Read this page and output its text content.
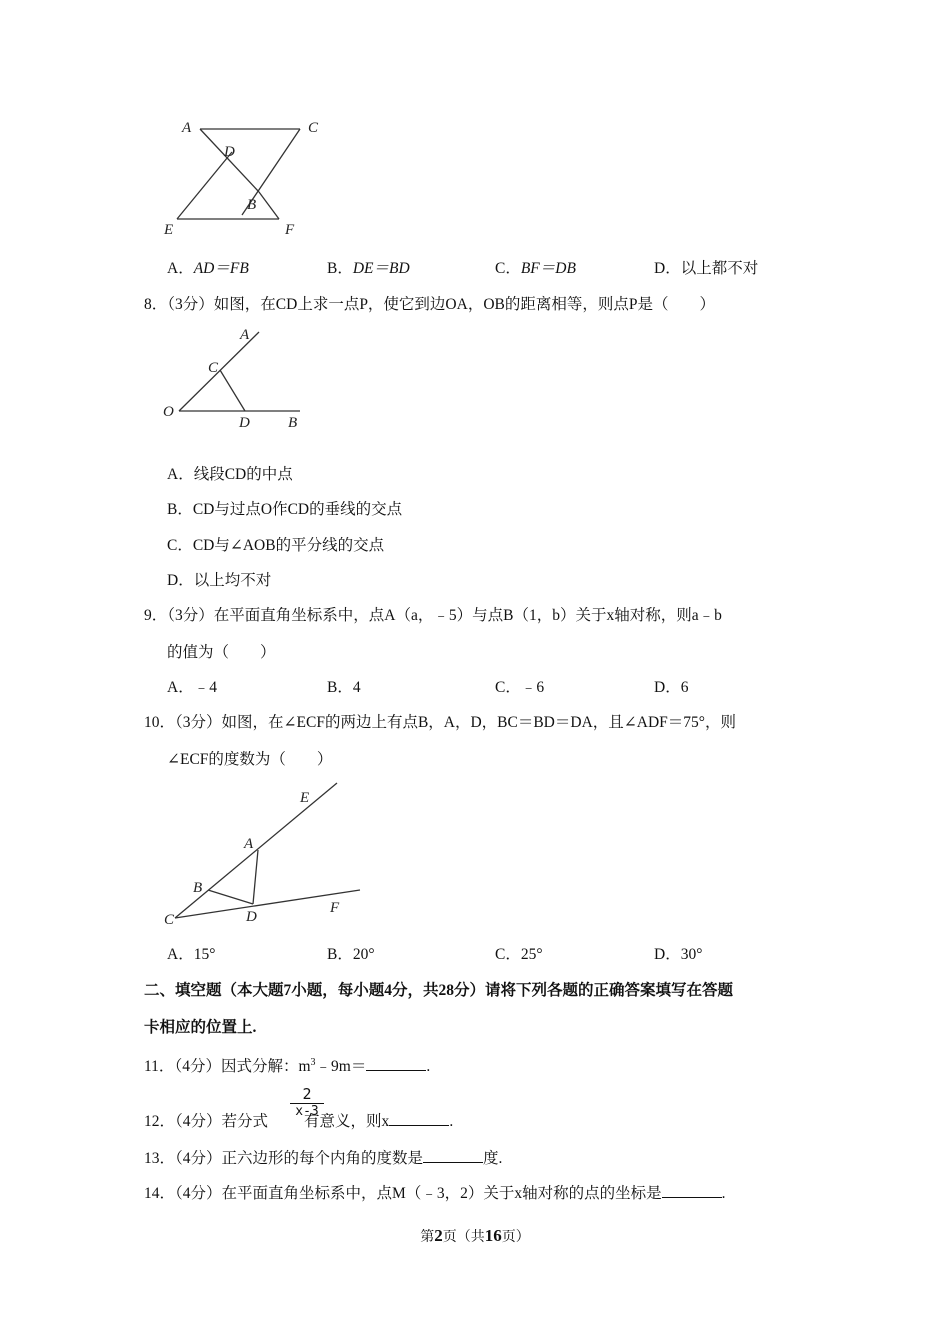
A	C
D
B
E	F
A．AD＝FB	B．DE＝BD	C．BF＝DB	D．以上都不对
8．（3分）如图，在CD上求一点P，使它到边OA，OB的距离相等，则点P是（　　）
A
C
O
D	B
A．线段CD的中点
B．CD与过点O作CD的垂线的交点
C．CD与∠AOB的平分线的交点
D．以上均不对
9．（3分）在平面直角坐标系中，点A（a，﹣5）与点B（1，b）关于x轴对称，则a﹣b
的值为（　　）
A．﹣4	B．4	C．﹣6	D．6
10．（3分）如图，在∠ECF的两边上有点B，A，D，BC＝BD＝DA，且∠ADF＝75°，则
∠ECF的度数为（　　）
E
A
B
C	D
F
A．15°	B．20°	C．25°	D．30°
二、填空题（本大题7小题，每小题4分，共28分）请将下列各题的正确答案填写在答题
卡相应的位置上.
11．（4分）因式分解：$m^3﹣9m=$	.
2
x-3
12．（4分）若分式 有意义，则x	.
13．（4分）正六边形的每个内角的度数是	度.
14．（4分）在平面直角坐标系中，点M（﹣3，2）关于x轴对称的点的坐标是	.
第2页（共16页）
